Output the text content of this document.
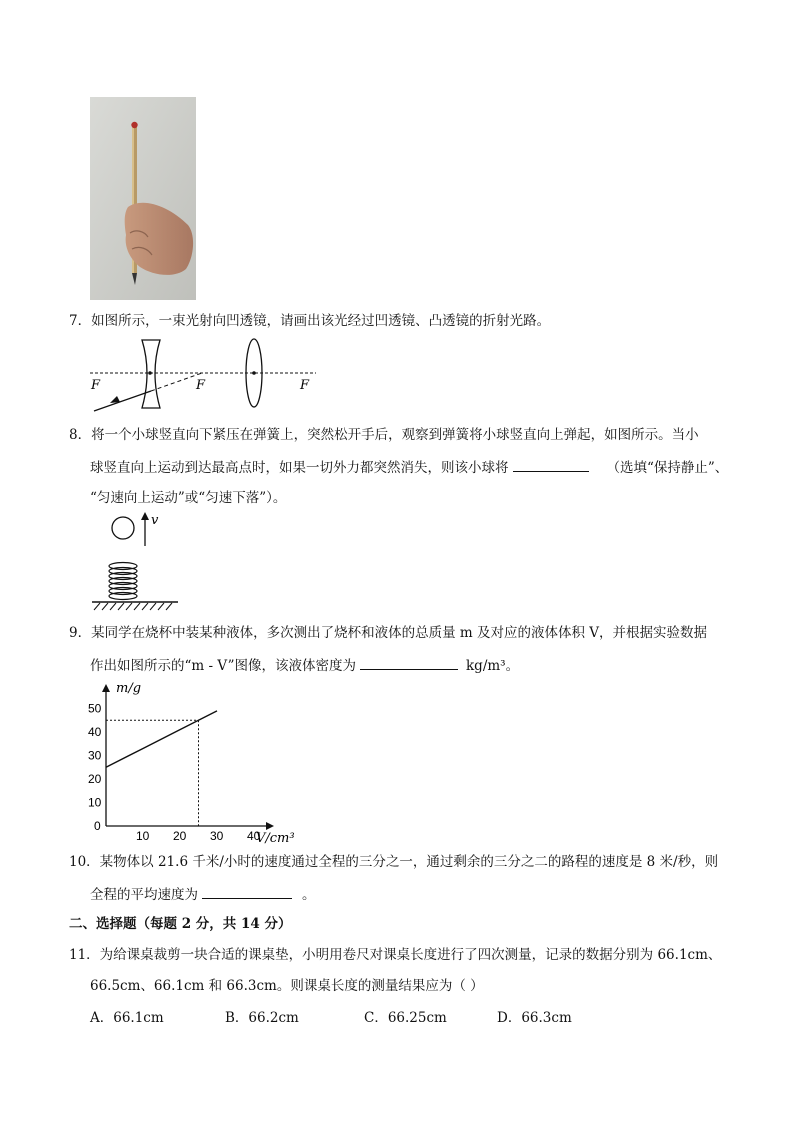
7．如图所示，一束光射向凹透镜，请画出该光经过凹透镜、凸透镜的折射光路。
F	F	F
8．将一个小球竖直向下紧压在弹簧上，突然松开手后，观察到弹簧将小球竖直向上弹起，如图所示。当小
球竖直向上运动到达最高点时，如果一切外力都突然消失，则该小球将	（选填“保持静止”、
“匀速向上运动”或“匀速下落”）。
v
9．某同学在烧杯中装某种液体，多次测出了烧杯和液体的总质量 m 及对应的液体体积 V，并根据实验数据
作出如图所示的“m - V”图像，该液体密度为	kg/m³。
10 20 30 40
0
10
20
30
40
50
m/g
V/cm³
10．某物体以 21.6 千米/小时的速度通过全程的三分之一，通过剩余的三分之二的路程的速度是 8 米/秒，则
全程的平均速度为	。
二、选择题（每题 2 分，共 14 分）
11．为给课桌裁剪一块合适的课桌垫，小明用卷尺对课桌长度进行了四次测量，记录的数据分别为 66.1cm、
66.5cm、66.1cm 和 66.3cm。则课桌长度的测量结果应为（ ）
A．66.1cm	B．66.2cm	C．66.25cm	D．66.3cm
